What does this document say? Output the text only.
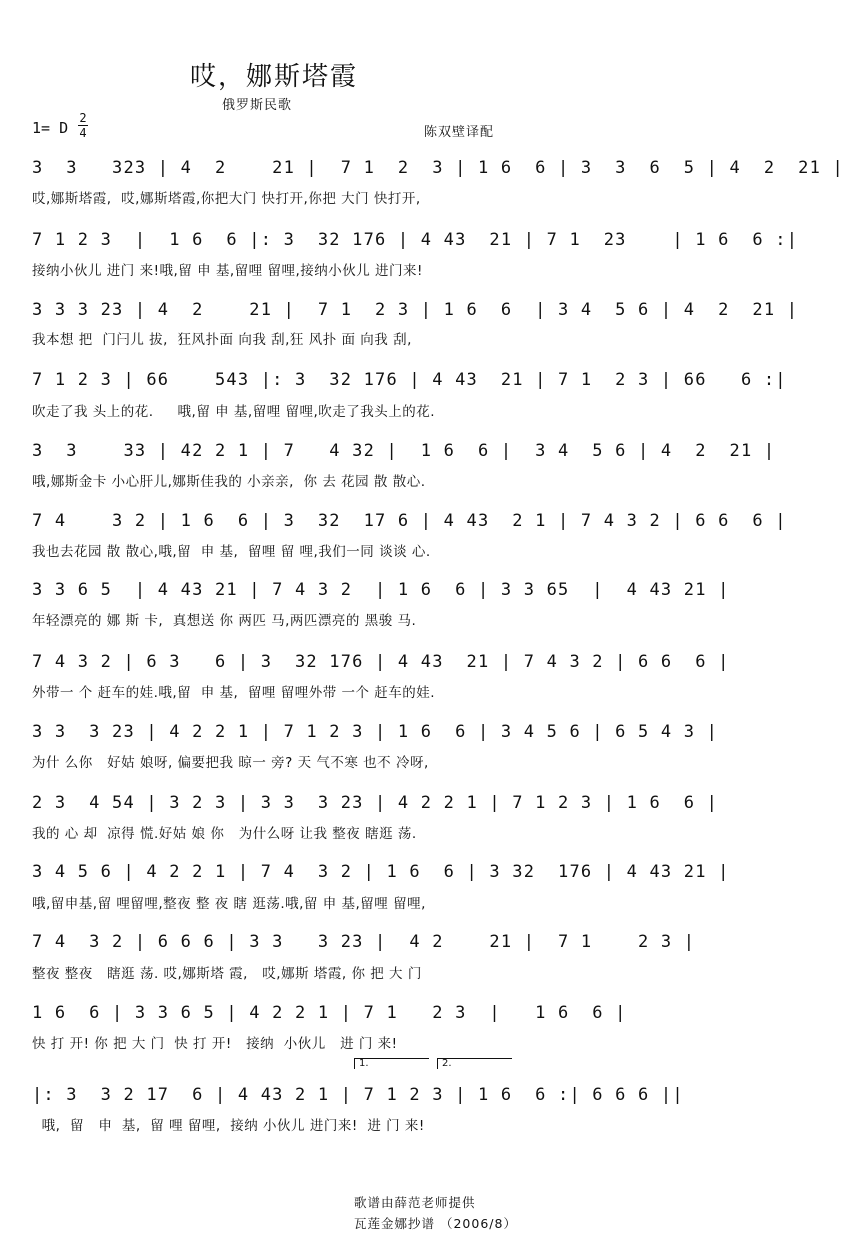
哎，娜斯塔霞
俄罗斯民歌
1= D
2
4	陈双壁译配
3  3   323 | 4  2    21 |  7 1  2  3 | 1 6  6 | 3  3  6  5 | 4  2  21 |
哎,娜斯塔霞,  哎,娜斯塔霞,你把大门 快打开,你把 大门 快打开,
7 1 2 3  |  1 6  6 |: 3  32 176 | 4 43  21 | 7 1  23    | 1 6  6 :|
接纳小伙儿 进门 来!哦,留 申 基,留哩 留哩,接纳小伙儿 进门来!
3 3 3 23 | 4  2    21 |  7 1  2 3 | 1 6  6  | 3 4  5 6 | 4  2  21 |
我本想 把  门闩儿 拔,  狂风扑面 向我 刮,狂 风扑 面 向我 刮,
7 1 2 3 | 66    543 |: 3  32 176 | 4 43  21 | 7 1  2 3 | 66   6 :|
吹走了我 头上的花.     哦,留 申 基,留哩 留哩,吹走了我头上的花.
3  3    33 | 42 2 1 | 7   4 32 |  1 6  6 |  3 4  5 6 | 4  2  21 |
哦,娜斯金卡 小心肝儿,娜斯佳我的 小亲亲,  你 去 花园 散 散心.
7 4    3 2 | 1 6  6 | 3  32  17 6 | 4 43  2 1 | 7 4 3 2 | 6 6  6 |
我也去花园 散 散心,哦,留  申 基,  留哩 留 哩,我们一同 谈谈 心.
3 3 6 5  | 4 43 21 | 7 4 3 2  | 1 6  6 | 3 3 65  |  4 43 21 |
年轻漂亮的 娜 斯 卡,  真想送 你 两匹 马,两匹漂亮的 黑骏 马.
7 4 3 2 | 6 3   6 | 3  32 176 | 4 43  21 | 7 4 3 2 | 6 6  6 |
外带一 个 赶车的娃.哦,留  申 基,  留哩 留哩外带 一个 赶车的娃.
3 3  3 23 | 4 2 2 1 | 7 1 2 3 | 1 6  6 | 3 4 5 6 | 6 5 4 3 |
为什 么你   好姑 娘呀, 偏要把我 晾一 旁? 天 气不寒 也不 冷呀,
2 3  4 54 | 3 2 3 | 3 3  3 23 | 4 2 2 1 | 7 1 2 3 | 1 6  6 |
我的 心 却  凉得 慌.好姑 娘 你   为什么呀 让我 整夜 瞎逛 荡.
3 4 5 6 | 4 2 2 1 | 7 4  3 2 | 1 6  6 | 3 32  176 | 4 43 21 |
哦,留申基,留 哩留哩,整夜 整 夜 瞎 逛荡.哦,留 申 基,留哩 留哩,
7 4  3 2 | 6 6 6 | 3 3   3 23 |  4 2    21 |  7 1    2 3 |
整夜 整夜   瞎逛 荡. 哎,娜斯塔 霞,   哎,娜斯 塔霞, 你 把 大 门
1 6  6 | 3 3 6 5 | 4 2 2 1 | 7 1   2 3  |   1 6  6 |
快 打 开! 你 把 大 门  快 打 开!   接纳  小伙儿   进 门 来!
1.	2.
|: 3  3 2 17  6 | 4 43 2 1 | 7 1 2 3 | 1 6  6 :| 6 6 6 ||
哦,  留   申  基,  留 哩 留哩,  接纳 小伙儿 进门来!  进 门 来!
歌谱由薛范老师提供
瓦莲金娜抄谱 （2006/8）
